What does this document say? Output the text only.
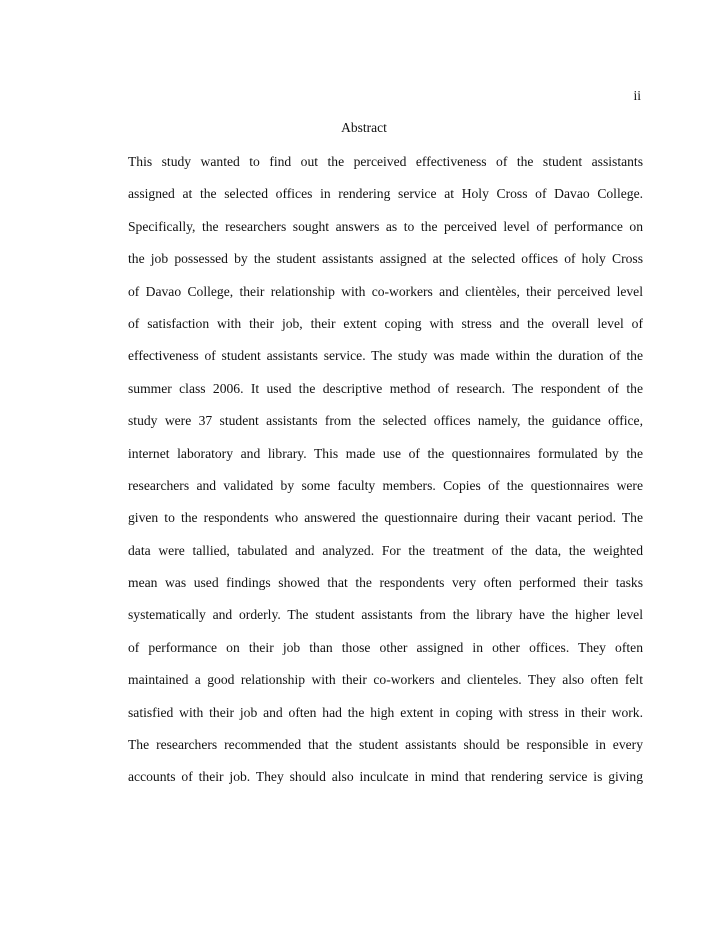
ii
Abstract
This study wanted to find out the perceived effectiveness of the student assistants
assigned at the selected offices in rendering service at Holy Cross of Davao College.
Specifically, the researchers sought answers as to the perceived level of performance on
the job possessed by the student assistants assigned at the selected offices of holy Cross
of Davao College, their relationship with co-workers and clientèles, their perceived level
of satisfaction with their job, their extent coping with stress and the overall level of
effectiveness of student assistants service. The study was made within the duration of the
summer class 2006. It used the descriptive method of research. The respondent of the
study were 37 student assistants from the selected offices namely, the guidance office,
internet laboratory and library. This made use of the questionnaires formulated by the
researchers and validated by some faculty members. Copies of the questionnaires were
given to the respondents who answered the questionnaire during their vacant period. The
data were tallied, tabulated and analyzed. For the treatment of the data, the weighted
mean was used findings showed that the respondents very often performed their tasks
systematically and orderly. The student assistants from the library have the higher level
of performance on their job than those other assigned in other offices. They often
maintained a good relationship with their co-workers and clienteles. They also often felt
satisfied with their job and often had the high extent in coping with stress in their work.
The researchers recommended that the student assistants should be responsible in every
accounts of their job. They should also inculcate in mind that rendering service is giving
